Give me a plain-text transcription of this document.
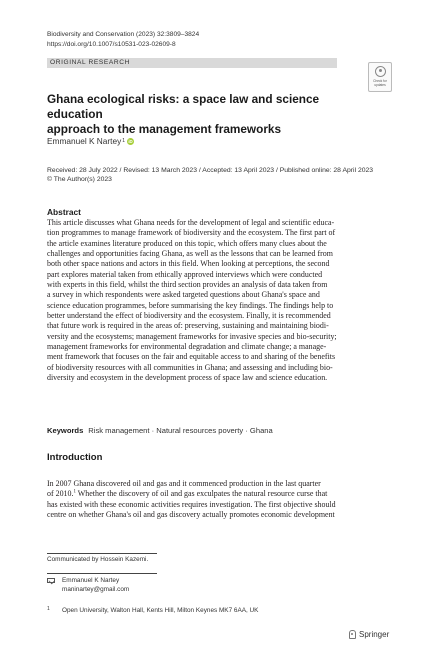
Biodiversity and Conservation (2023) 32:3809–3824
https://doi.org/10.1007/s10531-023-02609-8
ORIGINAL RESEARCH
Check for
updates
Ghana ecological risks: a space law and science education
approach to the management frameworks
Emmanuel K Nartey 1 iD
Received: 28 July 2022 / Revised: 13 March 2023 / Accepted: 13 April 2023 / Published online: 28 April 2023
© The Author(s) 2023
Abstract
This article discusses what Ghana needs for the development of legal and scientific educa-
tion programmes to manage framework of biodiversity and the ecosystem. The first part of
the article examines literature produced on this topic, which offers many clues about the
challenges and opportunities facing Ghana, as well as the lessons that can be learned from
both other space nations and actors in this field. When looking at perceptions, the second
part explores material taken from ethically approved interviews which were conducted
with experts in this field, whilst the third section provides an analysis of data taken from
a survey in which respondents were asked targeted questions about Ghana's space and
science education programmes, before summarising the key findings. The findings help to
better understand the effect of biodiversity and the ecosystem. Finally, it is recommended
that future work is required in the areas of: preserving, sustaining and maintaining biodi-
versity and the ecosystems; management frameworks for invasive species and bio-security;
management frameworks for environmental degradation and climate change; a manage-
ment framework that focuses on the fair and equitable access to and sharing of the benefits
of biodiversity resources with all communities in Ghana; and assessing and including bio-
diversity and ecosystem in the development process of space law and science education.
Keywords Risk management · Natural resources poverty · Ghana
Introduction
In 2007 Ghana discovered oil and gas and it commenced production in the last quarter
of 2010.$^1$ Whether the discovery of oil and gas exculpates the natural resource curse that
has existed with these economic activities requires investigation. The first objective should
centre on whether Ghana's oil and gas discovery actually promotes economic development
Communicated by Hossein Kazemi.
Emmanuel K Nartey
maninartey@gmail.com
1 Open University, Walton Hall, Kents Hill, Milton Keynes MK7 6AA, UK
Springer
